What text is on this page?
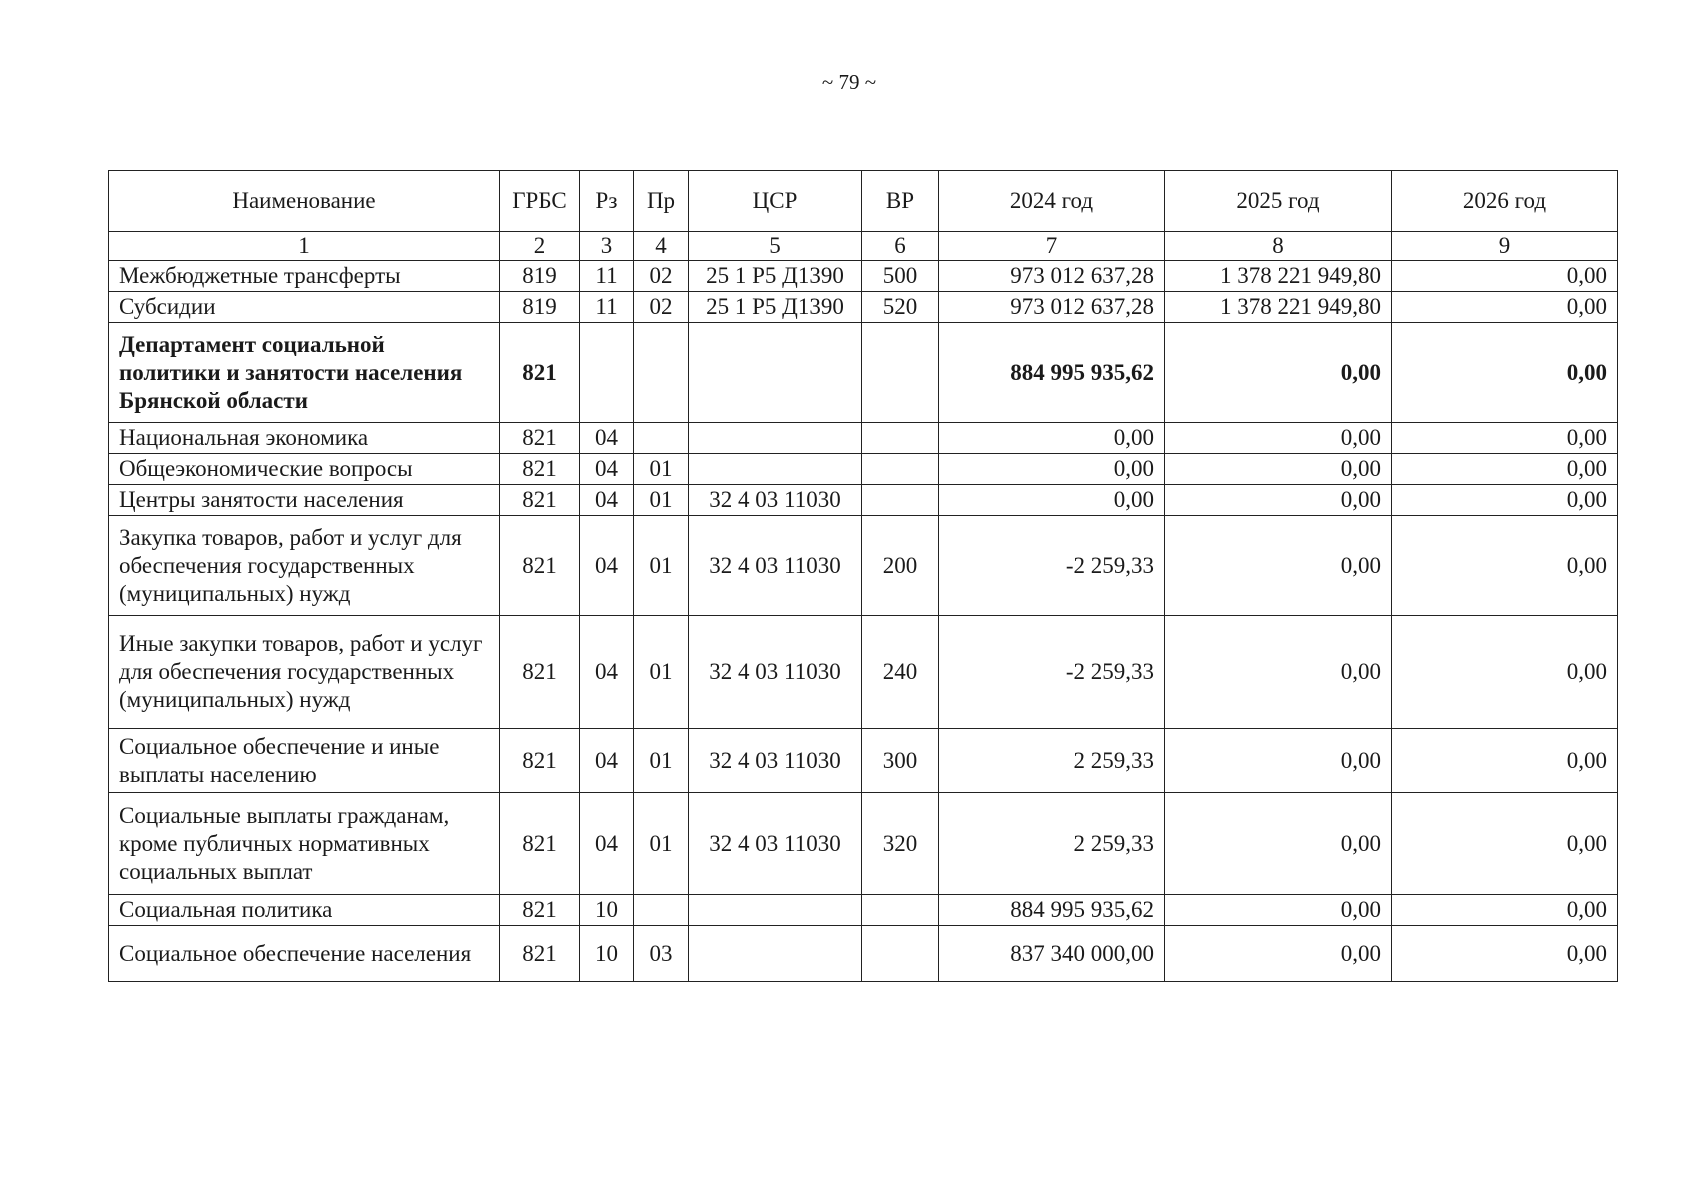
~ 79 ~
Наименование	ГРБС	Рз	Пр	ЦСР	ВР	2024 год	2025 год	2026 год
1	2	3	4	5	6	7	8	9
Межбюджетные трансферты	819	11	02	25 1 Р5 Д1390	500	973 012 637,28	1 378 221 949,80	0,00
Субсидии	819	11	02	25 1 Р5 Д1390	520	973 012 637,28	1 378 221 949,80	0,00
Департамент социальной политики и занятости населения Брянской области	821					884 995 935,62	0,00	0,00
Национальная экономика	821	04				0,00	0,00	0,00
Общеэкономические вопросы	821	04	01			0,00	0,00	0,00
Центры занятости населения	821	04	01	32 4 03 11030		0,00	0,00	0,00
Закупка товаров, работ и услуг для обеспечения государственных (муниципальных) нужд	821	04	01	32 4 03 11030	200	-2 259,33	0,00	0,00
Иные закупки товаров, работ и услуг для обеспечения государственных (муниципальных) нужд	821	04	01	32 4 03 11030	240	-2 259,33	0,00	0,00
Социальное обеспечение и иные выплаты населению	821	04	01	32 4 03 11030	300	2 259,33	0,00	0,00
Социальные выплаты гражданам, кроме публичных нормативных социальных выплат	821	04	01	32 4 03 11030	320	2 259,33	0,00	0,00
Социальная политика	821	10				884 995 935,62	0,00	0,00
Социальное обеспечение населения	821	10	03			837 340 000,00	0,00	0,00
